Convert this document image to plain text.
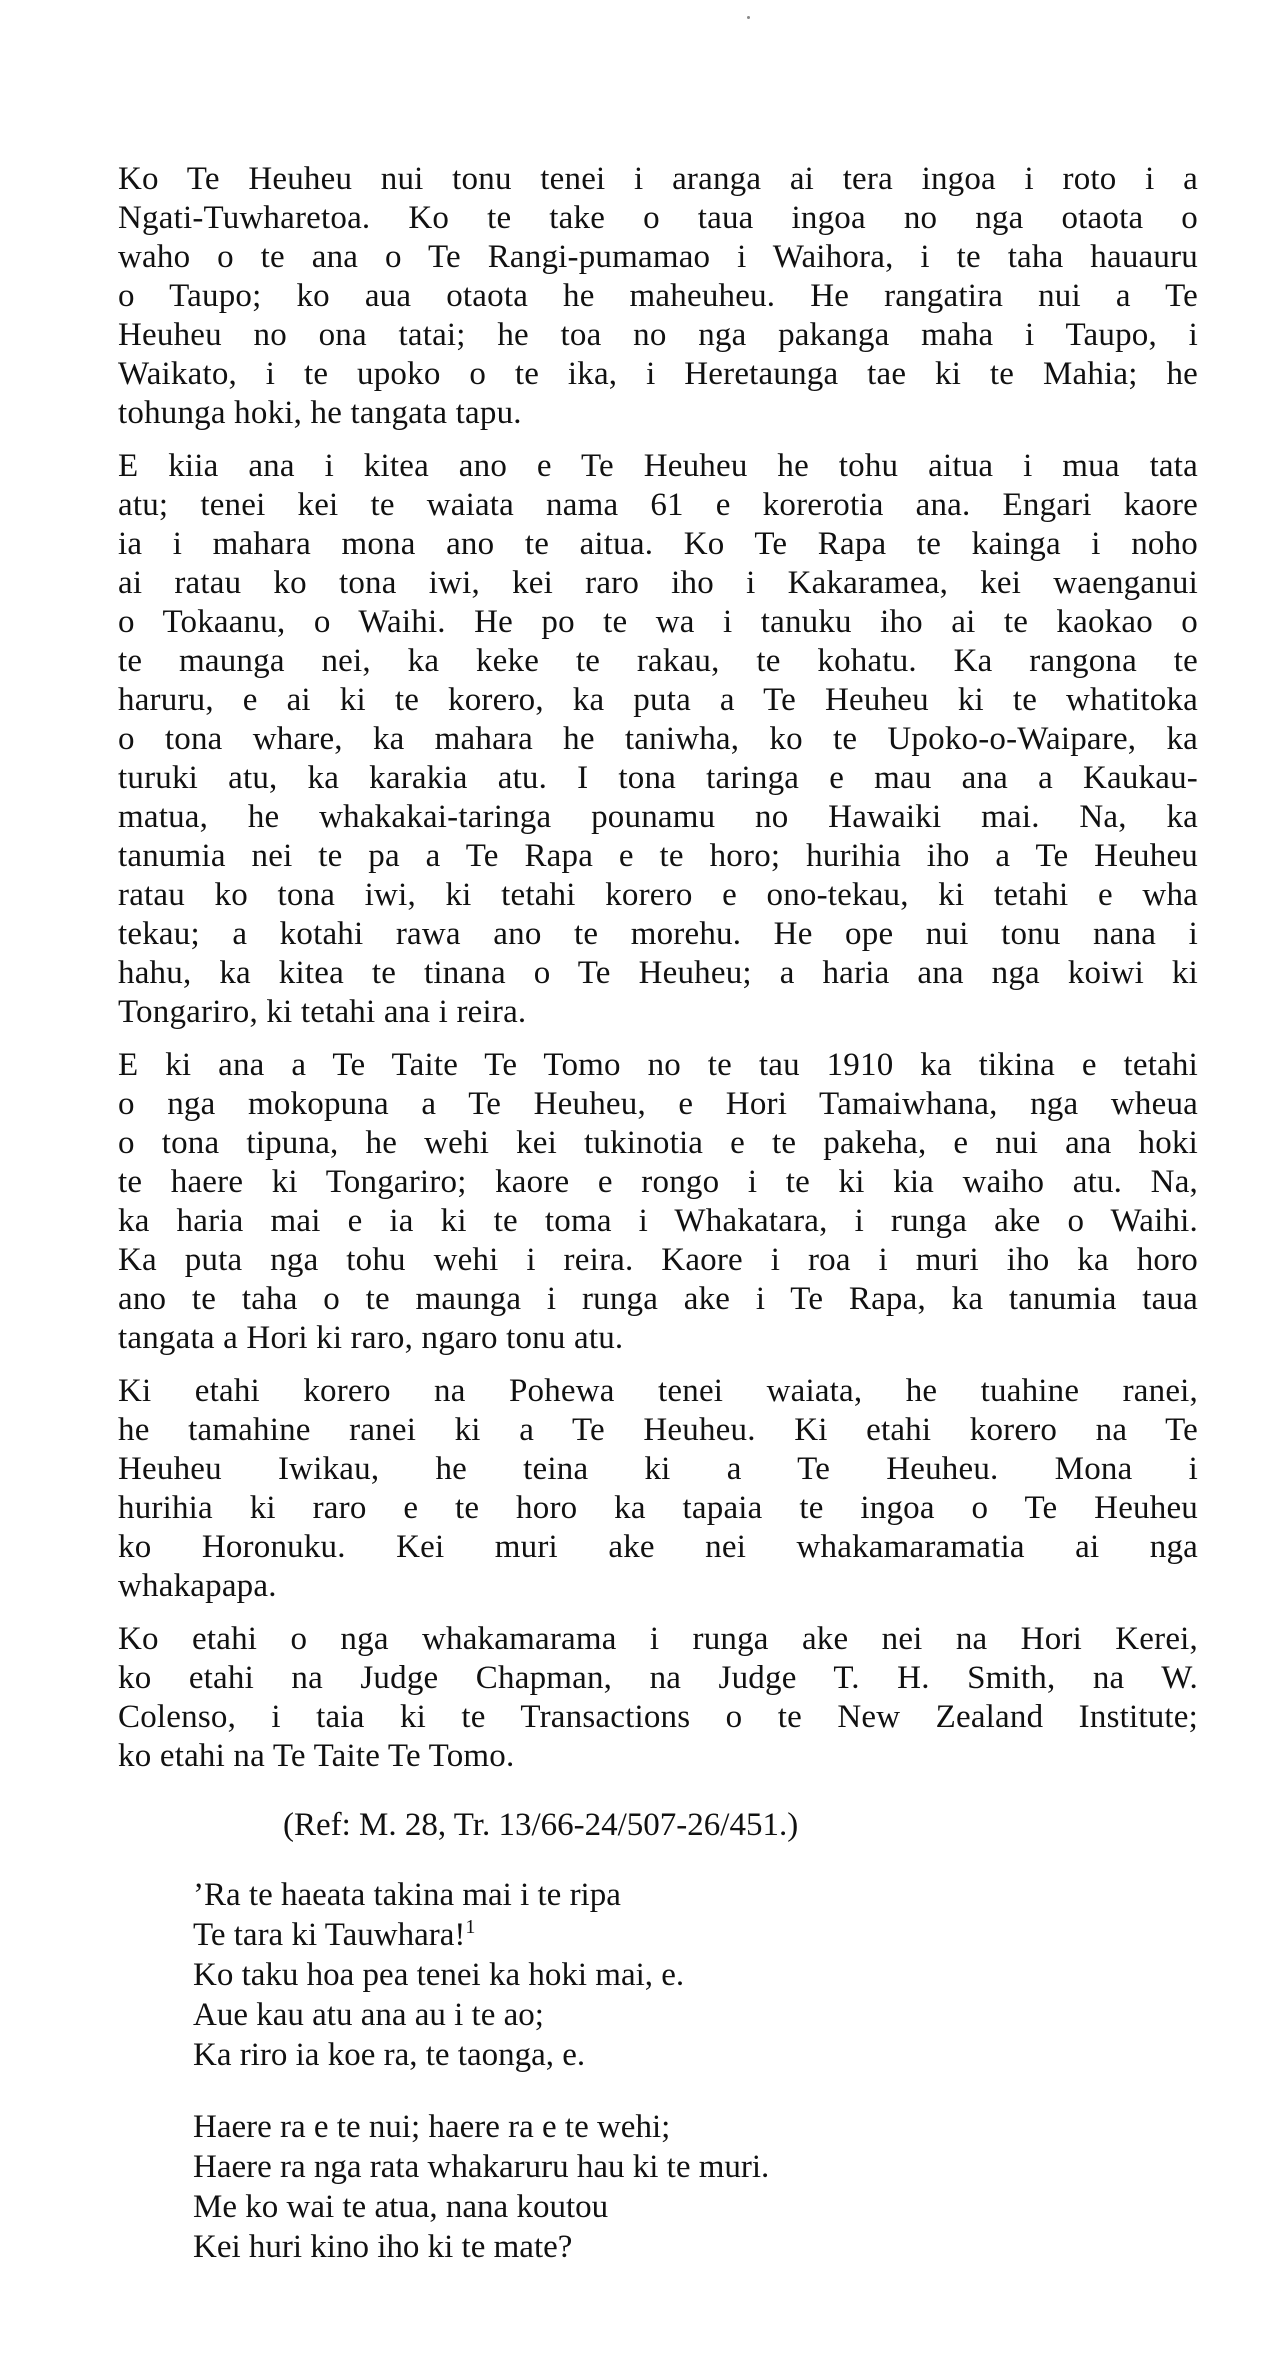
Ko Te Heuheu nui tonu tenei i aranga ai tera ingoa i roto i a
Ngati-Tuwharetoa. Ko te take o taua ingoa no nga otaota o
waho o te ana o Te Rangi-pumamao i Waihora, i te taha hauauru
o Taupo; ko aua otaota he maheuheu. He rangatira nui a Te
Heuheu no ona tatai; he toa no nga pakanga maha i Taupo, i
Waikato, i te upoko o te ika, i Heretaunga tae ki te Mahia; he
tohunga hoki, he tangata tapu.

E kiia ana i kitea ano e Te Heuheu he tohu aitua i mua tata
atu; tenei kei te waiata nama 61 e korerotia ana. Engari kaore
ia i mahara mona ano te aitua. Ko Te Rapa te kainga i noho
ai ratau ko tona iwi, kei raro iho i Kakaramea, kei waenganui
o Tokaanu, o Waihi. He po te wa i tanuku iho ai te kaokao o
te maunga nei, ka keke te rakau, te kohatu. Ka rangona te
haruru, e ai ki te korero, ka puta a Te Heuheu ki te whatitoka
o tona whare, ka mahara he taniwha, ko te Upoko-o-Waipare, ka
turuki atu, ka karakia atu. I tona taringa e mau ana a Kaukau-
matua, he whakakai-taringa pounamu no Hawaiki mai. Na, ka
tanumia nei te pa a Te Rapa e te horo; hurihia iho a Te Heuheu
ratau ko tona iwi, ki tetahi korero e ono-tekau, ki tetahi e wha
tekau; a kotahi rawa ano te morehu. He ope nui tonu nana i
hahu, ka kitea te tinana o Te Heuheu; a haria ana nga koiwi ki
Tongariro, ki tetahi ana i reira.

E ki ana a Te Taite Te Tomo no te tau 1910 ka tikina e tetahi
o nga mokopuna a Te Heuheu, e Hori Tamaiwhana, nga wheua
o tona tipuna, he wehi kei tukinotia e te pakeha, e nui ana hoki
te haere ki Tongariro; kaore e rongo i te ki kia waiho atu. Na,
ka haria mai e ia ki te toma i Whakatara, i runga ake o Waihi.
Ka puta nga tohu wehi i reira. Kaore i roa i muri iho ka horo
ano te taha o te maunga i runga ake i Te Rapa, ka tanumia taua
tangata a Hori ki raro, ngaro tonu atu.

Ki etahi korero na Pohewa tenei waiata, he tuahine ranei,
he tamahine ranei ki a Te Heuheu. Ki etahi korero na Te
Heuheu Iwikau, he teina ki a Te Heuheu. Mona i
hurihia ki raro e te horo ka tapaia te ingoa o Te Heuheu
ko Horonuku. Kei muri ake nei whakamaramatia ai nga
whakapapa.

Ko etahi o nga whakamarama i runga ake nei na Hori Kerei,
ko etahi na Judge Chapman, na Judge T. H. Smith, na W.
Colenso, i taia ki te Transactions o te New Zealand Institute;
ko etahi na Te Taite Te Tomo.

(Ref: M. 28, Tr. 13/66-24/507-26/451.)
’Ra te haeata takina mai i te ripa
Te tara ki Tauwhara!$^1$
Ko taku hoa pea tenei ka hoki mai, e.
Aue kau atu ana au i te ao;
Ka riro ia koe ra, te taonga, e.
Haere ra e te nui; haere ra e te wehi;
Haere ra nga rata whakaruru hau ki te muri.
Me ko wai te atua, nana koutou
Kei huri kino iho ki te mate?
